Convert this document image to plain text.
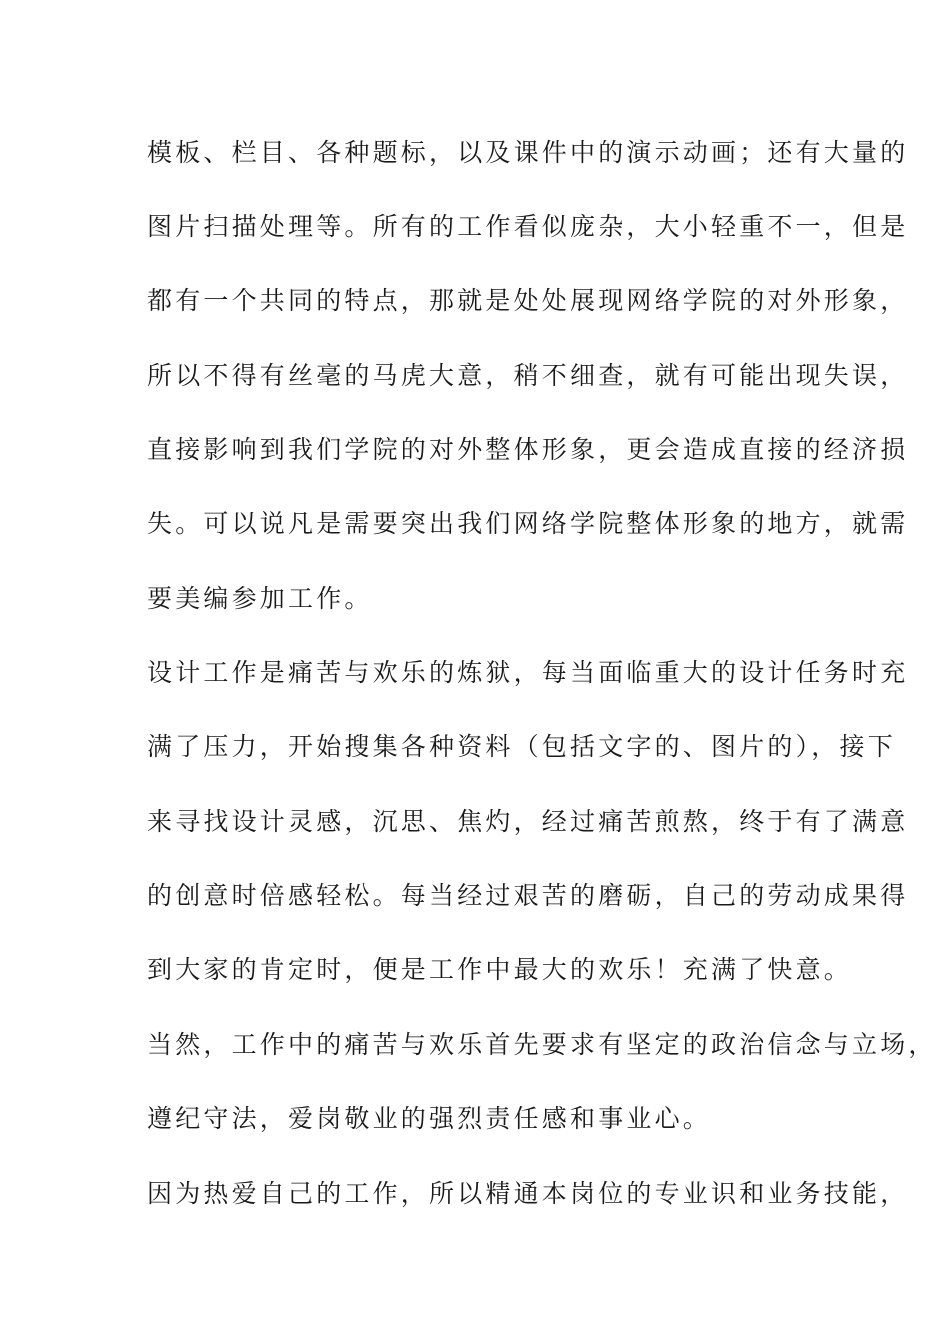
模板、栏目、各种题标，以及课件中的演示动画；还有大量的
图片扫描处理等。所有的工作看似庞杂，大小轻重不一，但是
都有一个共同的特点，那就是处处展现网络学院的对外形象，
所以不得有丝毫的马虎大意，稍不细查，就有可能出现失误，
直接影响到我们学院的对外整体形象，更会造成直接的经济损
失。可以说凡是需要突出我们网络学院整体形象的地方，就需
要美编参加工作。
设计工作是痛苦与欢乐的炼狱，每当面临重大的设计任务时充
满了压力，开始搜集各种资料（包括文字的、图片的），接下
来寻找设计灵感，沉思、焦灼，经过痛苦煎熬，终于有了满意
的创意时倍感轻松。每当经过艰苦的磨砺，自己的劳动成果得
到大家的肯定时，便是工作中最大的欢乐！充满了快意。
当然，工作中的痛苦与欢乐首先要求有坚定的政治信念与立场，
遵纪守法，爱岗敬业的强烈责任感和事业心。
因为热爱自己的工作，所以精通本岗位的专业识和业务技能，
